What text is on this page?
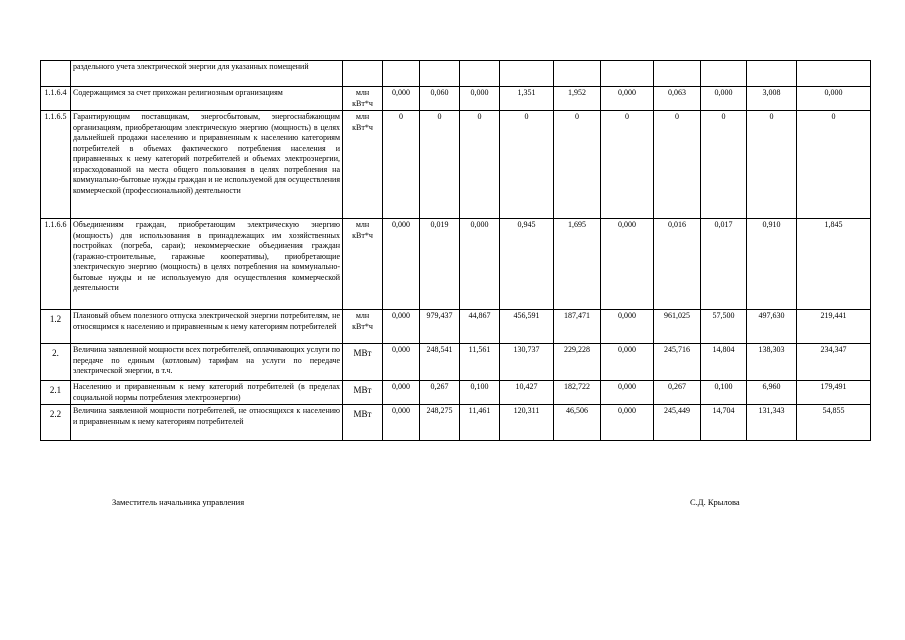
	раздельного учета электрической энергии для указанных помещений											
1.1.6.4	Содержащимся за счет прихожан религиозным организациям	млн кВт*ч	0,000	0,060	0,000	1,351	1,952	0,000	0,063	0,000	3,008	0,000
1.1.6.5	Гарантирующим поставщикам, энергосбытовым, энергоснабжающим организациям, приобретающим электрическую энергию (мощность) в целях дальнейшей продажи населению и приравненным к населению категориям потребителей в объемах фактического потребления населения и приравненных к нему категорий потребителей и объемах электроэнергии, израсходованной на места общего пользования в целях потребления на коммунально-бытовые нужды граждан и не используемой для осуществления коммерческой (профессиональной) деятельности	млн кВт*ч	0	0	0	0	0	0	0	0	0	0
1.1.6.6	Объединениям граждан, приобретающим электрическую энергию (мощность) для использования в принадлежащих им хозяйственных постройках (погреба, сараи); некоммерческие объединения граждан (гаражно-строительные, гаражные кооперативы), приобретающие электрическую энергию (мощность) в целях потребления на коммунально-бытовые нужды и не используемую для осуществления коммерческой деятельности	млн кВт*ч	0,000	0,019	0,000	0,945	1,695	0,000	0,016	0,017	0,910	1,845
1.2	Плановый объем полезного отпуска электрической энергии потребителям, не относящимся к населению и приравненным к нему категориям потребителей	млн кВт*ч	0,000	979,437	44,867	456,591	187,471	0,000	961,025	57,500	497,630	219,441
2.	Величина заявленной мощности всех потребителей, оплачивающих услуги по передаче по единым (котловым) тарифам на услуги по передаче электрической энергии, в т.ч.	МВт	0,000	248,541	11,561	130,737	229,228	0,000	245,716	14,804	138,303	234,347
2.1	Населению и приравненным к нему категорий потребителей (в пределах социальной нормы потребления электроэнергии)	МВт	0,000	0,267	0,100	10,427	182,722	0,000	0,267	0,100	6,960	179,491
2.2	Величина заявленной мощности потребителей, не относящихся к населению и приравненным к нему категориям потребителей	МВт	0,000	248,275	11,461	120,311	46,506	0,000	245,449	14,704	131,343	54,855
Заместитель начальника управления	С.Д. Крылова
